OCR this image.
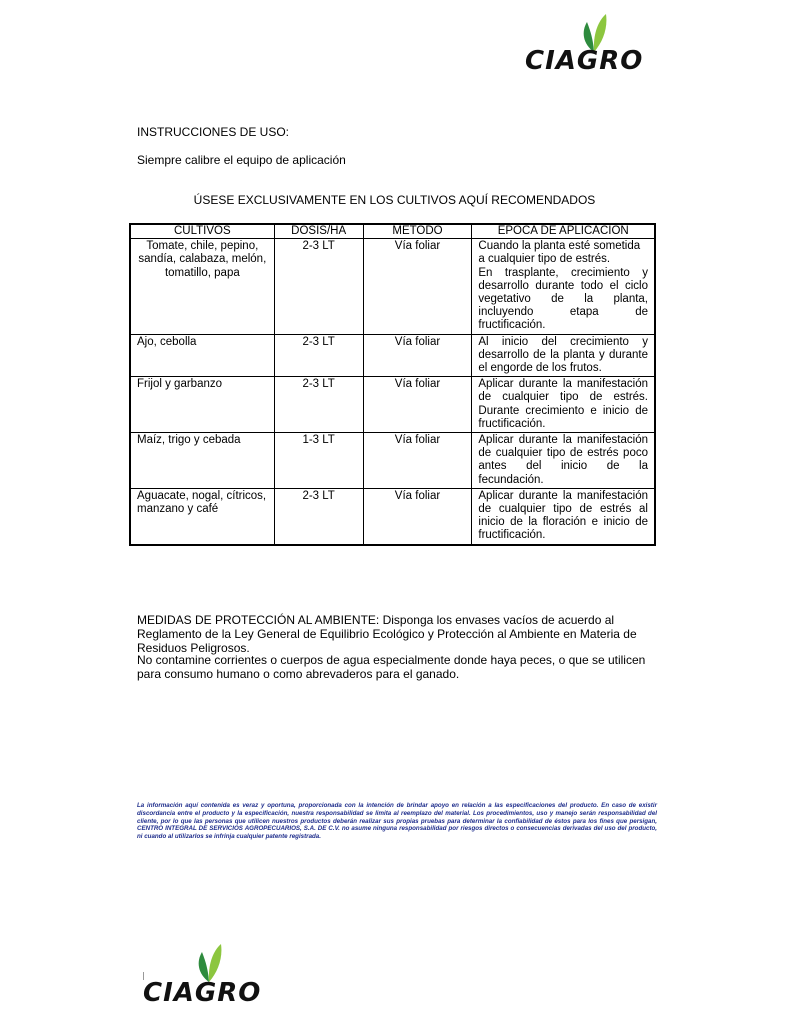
CIAGRO
INSTRUCCIONES DE USO:
Siempre calibre el equipo de aplicación
ÚSESE EXCLUSIVAMENTE EN LOS CULTIVOS AQUÍ RECOMENDADOS
CULTIVOS	DOSIS/HA	METODO	ÉPOCA DE APLICACIÓN
Tomate, chile, pepino, sandía, calabaza, melón, tomatillo, papa	2-3 LT	Vía foliar	Cuando la planta esté sometida a cualquier tipo de estrés.
En trasplante, crecimiento y desarrollo durante todo el ciclo vegetativo de la planta, incluyendo etapa de fructificación.

Ajo, cebolla	2-3 LT	Vía foliar	Al inicio del crecimiento y desarrollo de la planta y durante el engorde de los frutos.
Frijol y garbanzo	2-3 LT	Vía foliar	Aplicar durante la manifestación de cualquier tipo de estrés. Durante crecimiento e inicio de fructificación.
Maíz, trigo y cebada	1-3 LT	Vía foliar	Aplicar durante la manifestación de cualquier tipo de estrés poco antes del inicio de la fecundación.
Aguacate, nogal, cítricos, manzano y café	2-3 LT	Vía foliar	Aplicar durante la manifestación de cualquier tipo de estrés al inicio de la floración e inicio de fructificación.
MEDIDAS DE PROTECCIÓN AL AMBIENTE: Disponga los envases vacíos de acuerdo al Reglamento de la Ley General de Equilibrio Ecológico y Protección al Ambiente en Materia de Residuos Peligrosos.
No contamine corrientes o cuerpos de agua especialmente donde haya peces, o que se utilicen para consumo humano o como abrevaderos para el ganado.
La información aquí contenida es veraz y oportuna, proporcionada con la intención de brindar apoyo en relación a las especificaciones del producto. En caso de existir discordancia entre el producto y la especificación, nuestra responsabilidad se limita al reemplazo del material. Los procedimientos, uso y manejo serán responsabilidad del cliente, por lo que las personas que utilicen nuestros productos deberán realizar sus propias pruebas para determinar la confiabilidad de éstos para los fines que persigan, CENTRO INTEGRAL DE SERVICIOS AGROPECUARIOS, S.A. DE C.V. no asume ninguna responsabilidad por riesgos directos o consecuencias derivadas del uso del producto, ni cuando al utilizarlos se infrinja cualquier patente registrada.
CIAGRO
